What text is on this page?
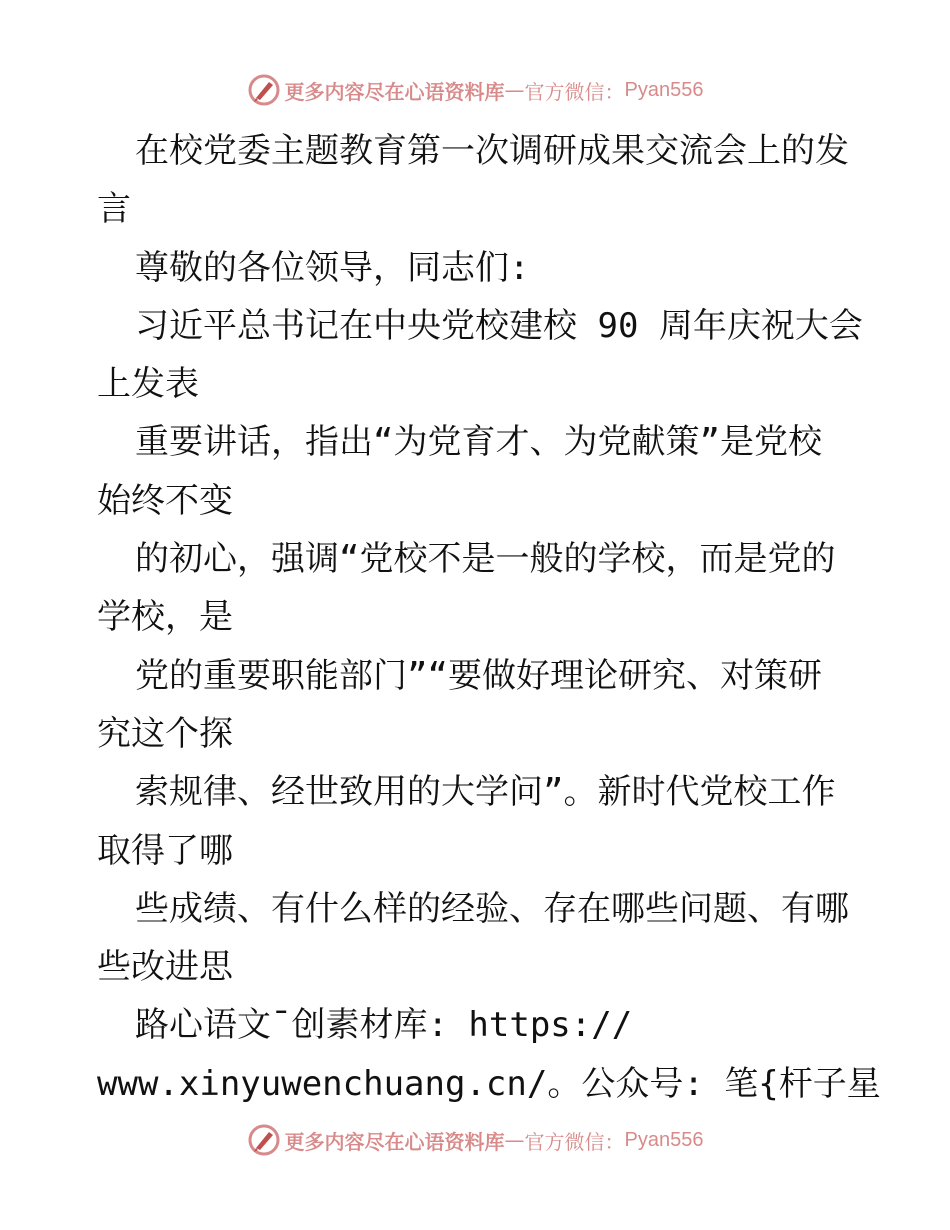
更多内容尽在心语资料库 — 官方微信： Pyan556
在校党委主题教育第一次调研成果交流会上的发
言
尊敬的各位领导，同志们:
习近平总书记在中央党校建校 90 周年庆祝大会
上发表
重要讲话，指出“为党育才、为党献策”是党校
始终不变
的初心，强调“党校不是一般的学校，而是党的
学校，是
党的重要职能部门”“要做好理论研究、对策研
究这个探
索规律、经世致用的大学问”。新时代党校工作
取得了哪
些成绩、有什么样的经验、存在哪些问题、有哪
些改进思
路心语文¯创素材库: https://
www.xinyuwenchuang.cn/。公众号: 笔{杆子星
更多内容尽在心语资料库 — 官方微信： Pyan556
